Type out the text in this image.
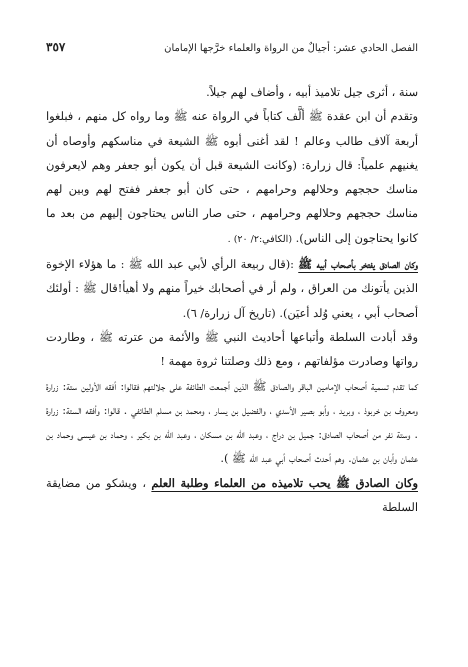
الفصل الحادي عشر: أجيالٌ من الرواة والعلماء خرَّجها الإمامان
٣٥٧

سنة ، أثرى جيل تلاميذ أبيه ، وأضاف لهم جيلاً.

وتقدم أن ابن عقدة ﷺ ألَّف كتاباً في الرواة عنه ﷺ وما رواه كل منهم ، فبلغوا أربعة آلاف طالب وعالم ! لقد أغنى أبوه ﷺ الشيعة في مناسكهم وأوصاه أن يغنيهم علمياً: قال زرارة: (وكانت الشيعة قبل أن يكون أبو جعفر وهم لايعرفون مناسك حججهم وحلالهم وحرامهم ، حتى كان أبو جعفر ففتح لهم وبين لهم مناسك حججهم وحلالهم وحرامهم ، حتى صار الناس يحتاجون إليهم من بعد ما كانوا يحتاجون إلى الناس). (الكافي:٢/ ٢٠) .

وكان الصادق يفتخر بأصحاب أبيه ﷺ :(قال ربيعة الرأي لأبي عبد الله ﷺ : ما هؤلاء الإخوة الذين يأتونك من العراق ، ولم أر في أصحابك خيراً منهم ولا أهيأ!قال ﷺ : أولئك أصحاب أبي ، يعني وُلد أعيَن). (تاريخ آل زرارة/ ٦).

وقد أبادت السلطة وأتباعها أحاديث النبي ﷺ والأئمة من عترته ﷺ ، وطاردت رواتها وصادرت مؤلفاتهم ، ومع ذلك وصلتنا ثروة مهمة !

كما تقدم تسمية أصحاب الإمامين الباقر والصادق ﷺ الذين أجمعت الطائفة على جلالتهم فقالوا: أفقه الأولين ستة: زرارة ومعروف بن خربوذ ، وبريد ، وأبو بصير الأسدي ، والفضيل بن يسار ، ومحمد بن مسلم الطائفي . قالوا: وأفقه الستة: زرارة . وستة نفر من أصحاب الصادق: جميل بن دراج ، وعبد الله بن مسكان ، وعبد الله بن بكير ، وحماد بن عيسى وحماد بن عثمان وأبان بن عثمان. وهم أحدث أصحاب أبي عبد الله ﷺ ).

وكان الصادق ﷺ يحب تلاميذه من العلماء وطلبة العلم ، ويشكو من مضايقة السلطة
